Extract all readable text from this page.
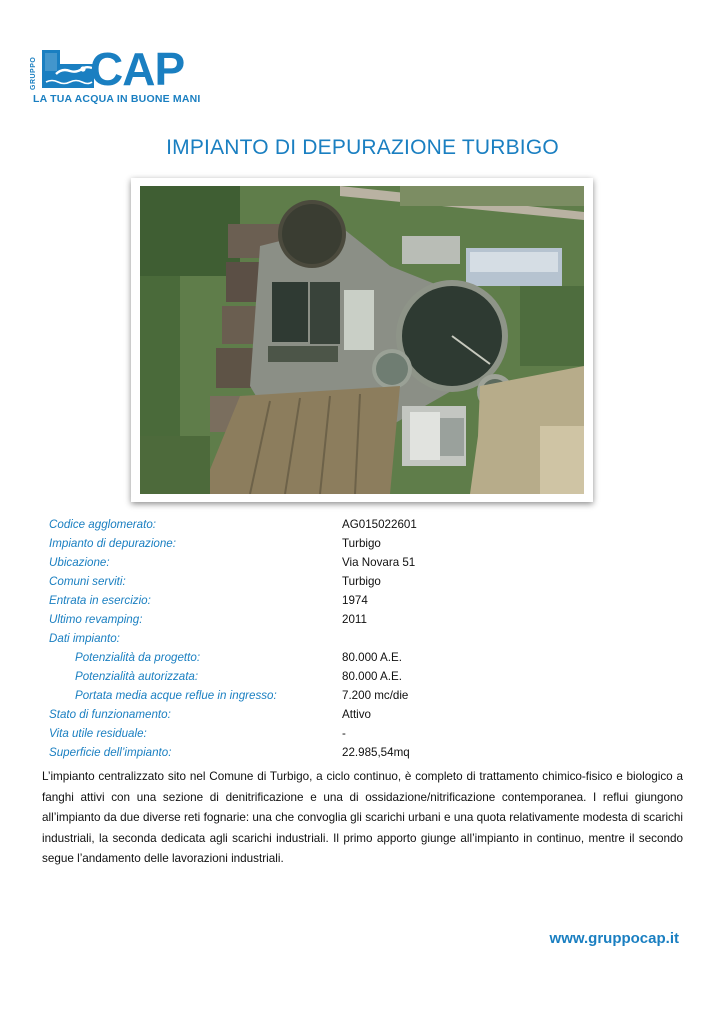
GRUPPO CAP
LA TUA ACQUA IN BUONE MANI
IMPIANTO DI DEPURAZIONE TURBIGO
Codice agglomerato:	AG015022601
Impianto di depurazione:	Turbigo
Ubicazione:	Via Novara 51
Comuni serviti:	Turbigo
Entrata in esercizio:	1974
Ultimo revamping:	2011
Dati impianto:
Potenzialità da progetto:	80.000 A.E.
Potenzialità autorizzata:	80.000 A.E.
Portata media acque reflue in ingresso:	7.200 mc/die
Stato di funzionamento:	Attivo
Vita utile residuale:	-
Superficie dell’impianto:	22.985,54mq
L’impianto centralizzato sito nel Comune di Turbigo, a ciclo continuo, è completo di trattamento chimico-fisico e biologico a fanghi attivi con una sezione di denitrificazione e una di ossidazione/nitrificazione contemporanea. I reflui giungono all’impianto da due diverse reti fognarie: una che convoglia gli scarichi urbani e una quota relativamente modesta di scarichi industriali, la seconda dedicata agli scarichi industriali. Il primo apporto giunge all’impianto in continuo, mentre il secondo segue l’andamento delle lavorazioni industriali.
www.gruppocap.it
